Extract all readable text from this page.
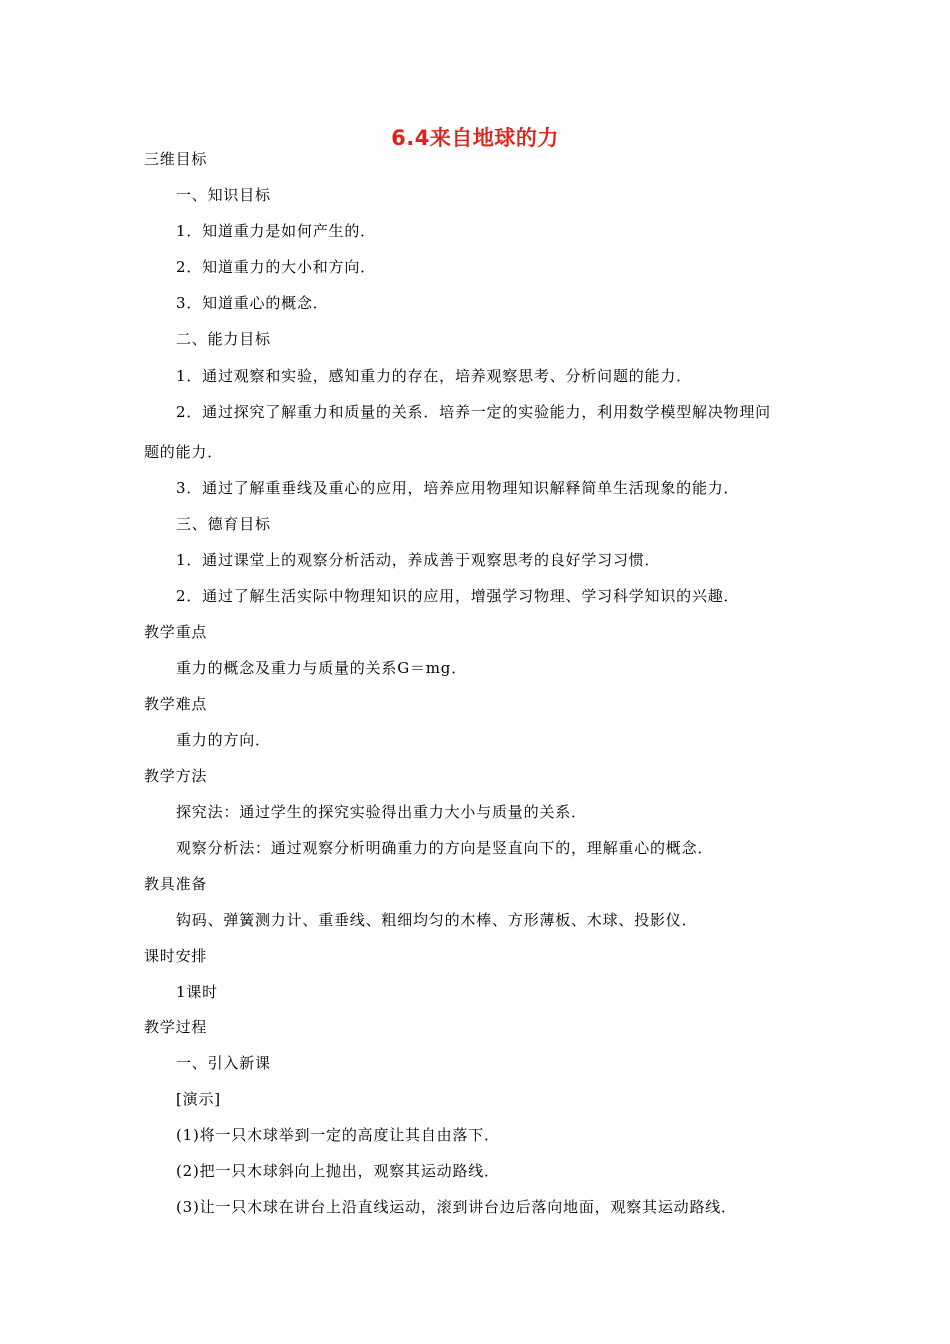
6.4来自地球的力
三维目标
一、知识目标
1．知道重力是如何产生的．
2．知道重力的大小和方向．
3．知道重心的概念．
二、能力目标
1．通过观察和实验，感知重力的存在，培养观察思考、分析问题的能力．
2．通过探究了解重力和质量的关系．培养一定的实验能力，利用数学模型解决物理问
题的能力．
3．通过了解重垂线及重心的应用，培养应用物理知识解释简单生活现象的能力．
三、德育目标
1．通过课堂上的观察分析活动，养成善于观察思考的良好学习习惯．
2．通过了解生活实际中物理知识的应用，增强学习物理、学习科学知识的兴趣．
教学重点
重力的概念及重力与质量的关系G＝mg．
教学难点
重力的方向．
教学方法
探究法：通过学生的探究实验得出重力大小与质量的关系．
观察分析法：通过观察分析明确重力的方向是竖直向下的，理解重心的概念．
教具准备
钩码、弹簧测力计、重垂线、粗细均匀的木棒、方形薄板、木球、投影仪．
课时安排
1课时
教学过程
一、引入新课
[演示]
(1)将一只木球举到一定的高度让其自由落下．
(2)把一只木球斜向上抛出，观察其运动路线．
(3)让一只木球在讲台上沿直线运动，滚到讲台边后落向地面，观察其运动路线．
